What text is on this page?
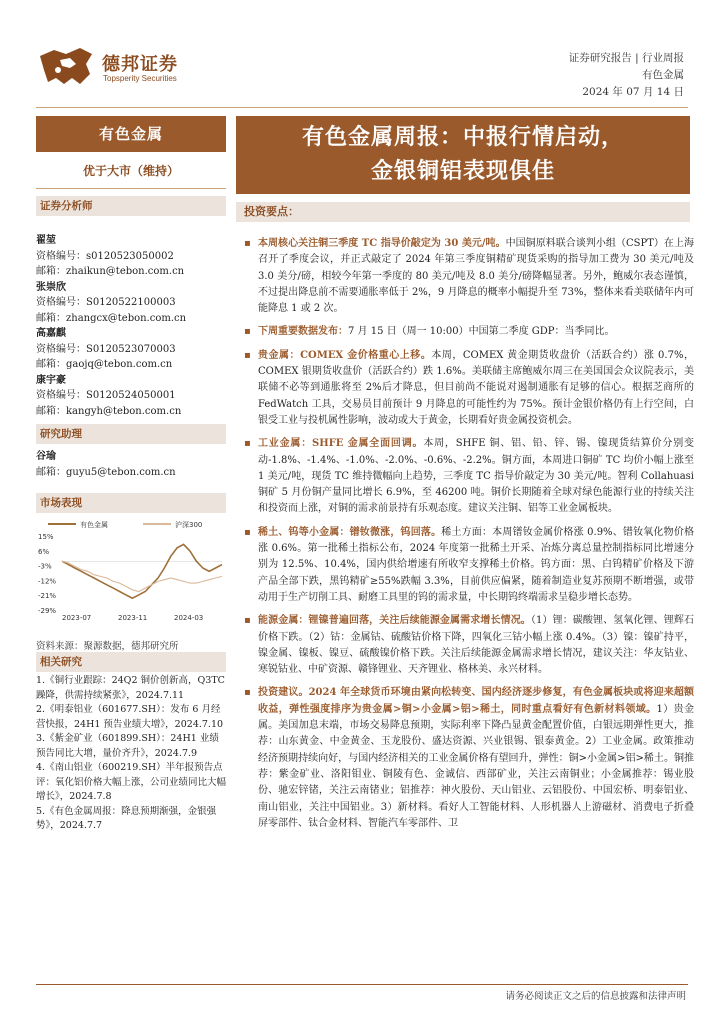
德邦证券
Topsperity Securities
证券研究报告 | 行业周报
有色金属
2024 年 07 月 14 日
有色金属
优于大市（维持）
证券分析师
翟堃
资格编号：s0120523050002
邮箱：zhaikun@tebon.com.cn
张崇欣
资格编号：S0120522100003
邮箱：zhangcx@tebon.com.cn
高嘉麒
资格编号：S0120523070003
邮箱：gaojq@tebon.com.cn
康宇豪
资格编号：S0120524050001
邮箱：kangyh@tebon.com.cn
研究助理
谷瑜
邮箱：guyu5@tebon.com.cn
市场表现
有色金属	沪深300
15%
6%
-3%
-12%
-21%
-29%
2023-07	2023-11	2024-03
资料来源：聚源数据，德邦研究所
相关研究
1.《铜行业跟踪：24Q2 铜价创新高，Q3TC 躁降，供需持续紧张》，2024.7.11
2.《明泰铝业（601677.SH）：发布 6 月经营快报，24H1 预告业绩大增》，2024.7.10
3.《紫金矿业（601899.SH）：24H1 业绩预告同比大增，量价齐升》，2024.7.9
4.《南山铝业（600219.SH）半年报预告点评：氧化铝价格大幅上涨，公司业绩同比大幅增长》，2024.7.8
5.《有色金属周报：降息预期渐强，金银强势》，2024.7.7
有色金属周报：中报行情启动，
金银铜铝表现俱佳
投资要点：
▪ 本周核心关注铜三季度 TC 指导价敲定为 30 美元/吨。中国铜原料联合谈判小组（CSPT）在上海召开了季度会议，并正式敲定了 2024 年第三季度铜精矿现货采购的指导加工费为 30 美元/吨及 3.0 美分/磅，相较今年第一季度的 80 美元/吨及 8.0 美分/磅降幅显著。另外，鲍威尔表态谨慎，不过提出降息前不需要通胀率低于 2%，9 月降息的概率小幅提升至 73%，整体来看美联储年内可能降息 1 或 2 次。
▪ 下周重要数据发布：7 月 15 日（周一 10:00）中国第二季度 GDP：当季同比。
▪ 贵金属：COMEX 金价格重心上移。本周，COMEX 黄金期货收盘价（活跃合约）涨 0.7%， COMEX 银期货收盘价（活跃合约）跌 1.6%。美联储主席鲍威尔周三在美国国会众议院表示，美联储不必等到通胀将至 2%后才降息，但目前尚不能说对遏制通胀有足够的信心。根据芝商所的 FedWatch 工具，交易员目前预计 9 月降息的可能性约为 75%。预计金银价格仍有上行空间，白银受工业与投机属性影响，波动或大于黄金，长期看好贵金属投资机会。
▪ 工业金属：SHFE 金属全面回调。本周，SHFE 铜、铝、铅、锌、锡、镍现货结算价分别变动-1.8%、-1.4%、-1.0%、-2.0%、-0.6%、-2.2%。铜方面，本周进口铜矿 TC 均价小幅上涨至 1 美元/吨，现货 TC 维持微幅向上趋势，三季度 TC 指导价敲定为 30 美元/吨。智利 Collahuasi 铜矿 5 月份铜产量同比增长 6.9%，至 46200 吨。铜价长期随着全球对绿色能源行业的持续关注和投资而上涨，对铜的需求前景持有乐观态度。建议关注铜、铝等工业金属板块。
▪ 稀土、钨等小金属：镨钕微涨，钨回落。稀土方面：本周镨钕金属价格涨 0.9%、镨钕氧化物价格涨 0.6%。第一批稀土指标公布，2024 年度第一批稀土开采、冶炼分离总量控制指标同比增速分别为 12.5%、10.4%，国内供给增速有所收窄支撑稀土价格。钨方面：黑、白钨精矿价格及下游产品全部下跌，黑钨精矿≥55%跌幅 3.3%，目前供应偏紧，随着制造业复苏预期不断增强，或带动用于生产切削工具、耐磨工具里的钨的需求量，中长期钨终端需求呈稳步增长态势。
▪ 能源金属：锂镍普遍回落，关注后续能源金属需求增长情况。（1）锂：碳酸锂、氢氧化锂、锂辉石价格下跌。（2）钴：金属钴、硫酸钴价格下降，四氧化三钴小幅上涨 0.4%。（3）镍：镍矿持平，镍金属、镍板、镍豆、硫酸镍价格下跌。关注后续能源金属需求增长情况，建议关注：华友钴业、寒锐钴业、中矿资源、赣锋锂业、天齐锂业、格林美、永兴材料。
▪ 投资建议。2024 年全球货币环境由紧向松转变、国内经济逐步修复，有色金属板块或将迎来超额收益，弹性强度排序为贵金属>铜>小金属>铝>稀土，同时重点看好有色新材料领域。1）贵金属。美国加息末端，市场交易降息预期，实际利率下降凸显黄金配置价值，白银远期弹性更大，推荐：山东黄金、中金黄金、玉龙股份、盛达资源、兴业银锡、银泰黄金。2）工业金属。政策推动经济预期持续向好，与国内经济相关的工业金属价格有望回升，弹性：铜>小金属>铝>稀土。铜推荐：紫金矿业、洛阳钼业、铜陵有色、金诚信、西部矿业，关注云南铜业；小金属推荐：锡业股份、驰宏锌锗，关注云南锗业；铝推荐：神火股份、天山铝业、云铝股份、中国宏桥、明泰铝业、南山铝业，关注中国铝业。3）新材料。看好人工智能材料、人形机器人上游磁材、消费电子折叠屏零部件、钛合金材料、智能汽车零部件、卫
请务必阅读正文之后的信息披露和法律声明
